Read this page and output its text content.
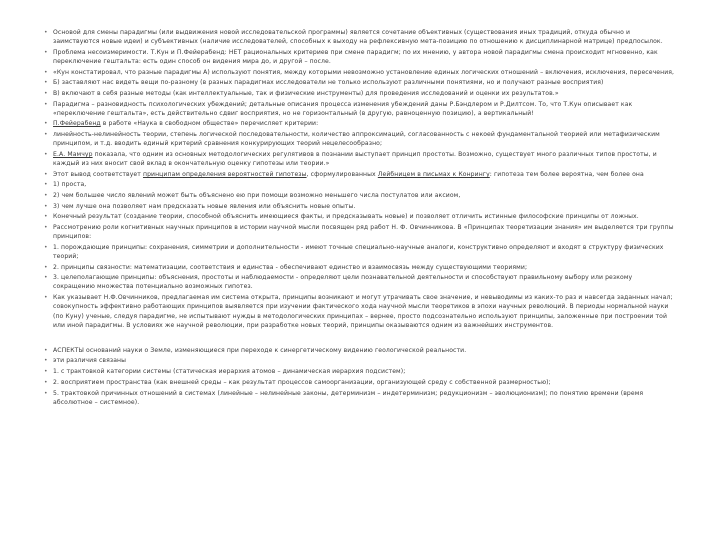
• Основой для смены парадигмы (или выдвижения новой исследовательской программы) является сочетание объективных (существования иных традиций, откуда обычно и заимствуются новые идеи) и субъективных (наличие исследователей, способных к выходу на рефлексивную мета-позицию по отношению к дисциплинарной матрице) предпосылок.
• Проблема несоизмеримости. Т.Кун и П.Фейерабенд: НЕТ рациональных критериев при смене парадигм; по их мнению, у автора новой парадигмы смена происходит мгновенно, как переключение гештальта: есть один способ он видения мира до, и другой – после.
• «Кун констатировал, что разные парадигмы А) используют понятия, между которыми невозможно установление единых логических отношений – включения, исключения, пересечения,
• Б) заставляют нас видеть вещи по-разному (в разных парадигмах исследователи не только используют различными понятиями, но и получают разные восприятия)
• В) включают в себя разные методы (как интеллектуальные, так и физические инструменты) для проведения исследований и оценки их результатов.»
• Парадигма – разновидность психологических убеждений; детальные описания процесса изменения убеждений даны Р.Бэндлером и Р.Дилтсом. То, что Т.Кун описывает как «переключение гештальта», есть действительно сдвиг восприятия, но не горизонтальный (в другую, равноценную позицию), а вертикальный!
• П.Фейерабенд в работе «Наука в свободном обществе» перечисляет критерии:
• линейность-нелинейность теории, степень логической последовательности, количество аппроксимаций, согласованность с некоей фундаментальной теорией или метафизическим принципом, и т.д. вводить единый критерий сравнения конкурирующих теорий нецелесообразно;
• Е.А. Мамчур показала, что одним из основных методологических регулятивов в познании выступает принцип простоты. Возможно, существует много различных типов простоты, и каждый из них вносит свой вклад в окончательную оценку гипотезы или теории.»
• Этот вывод соответствует принципам определения вероятностей гипотезы, сформулированных Лейбницем в письмах к Конрингу: гипотеза тем более вероятна, чем более она
• 1) проста,
• 2) чем большее число явлений может быть объяснено ею при помощи возможно меньшего числа постулатов или аксиом,
• 3) чем лучше она позволяет нам предсказать новые явления или объяснить новые опыты.
• Конечный результат (создание теории, способной объяснить имеющиеся факты, и предсказывать новые) и позволяет отличить истинные философские принципы от ложных.
• Рассмотрению роли когнитивных научных принципов в истории научной мысли посвящен ряд работ Н. Ф. Овчинникова. В «Принципах теоретизации знания» им выделяется три группы принципов:
• 1. порождающие принципы: сохранения, симметрии и дополнительности - имеют точные специально-научные аналоги, конструктивно определяют и входят в структуру физических теорий;
• 2. принципы связности: математизации, соответствия и единства - обеспечивают единство и взаимосвязь между существующими теориями;
• 3. целеполагающие принципы: объяснения, простоты и наблюдаемости - определяют цели познавательной деятельности и способствуют правильному выбору или резкому сокращению множества потенциально возможных гипотез.
• Как указывает Н.Ф.Овчинников, предлагаемая им система открыта, принципы возникают и могут утрачивать свое значение, и невыводимы из каких-то раз и навсегда заданных начал; совокупность эффективно работающих принципов выявляется при изучении фактического хода научной мысли теоретиков в эпохи научных революций. В периоды нормальной науки (по Куну) ученые, следуя парадигме, не испытывают нужды в методологических принципах – вернее, просто подсознательно используют принципы, заложенные при построении той или иной парадигмы. В условиях же научной революции, при разработке новых теорий, принципы оказываются одним из важнейших инструментов.
• АСПЕКТЫ оснований науки о Земле, изменяющиеся при переходе к синергетическому видению геологической реальности.
• эти различия связаны
• 1. с трактовкой категории системы (статическая иерархия атомов – динамическая иерархия подсистем);
• 2. восприятием пространства (как внешней среды – как результат процессов самоорганизации, организующей среду с собственной размерностью);
• 5. трактовкой причинных отношений в системах (линейные – нелинейные законы, детерминизм – индетерминизм; редукционизм – эволюционизм); по понятию времени (время абсолютное – системное).
